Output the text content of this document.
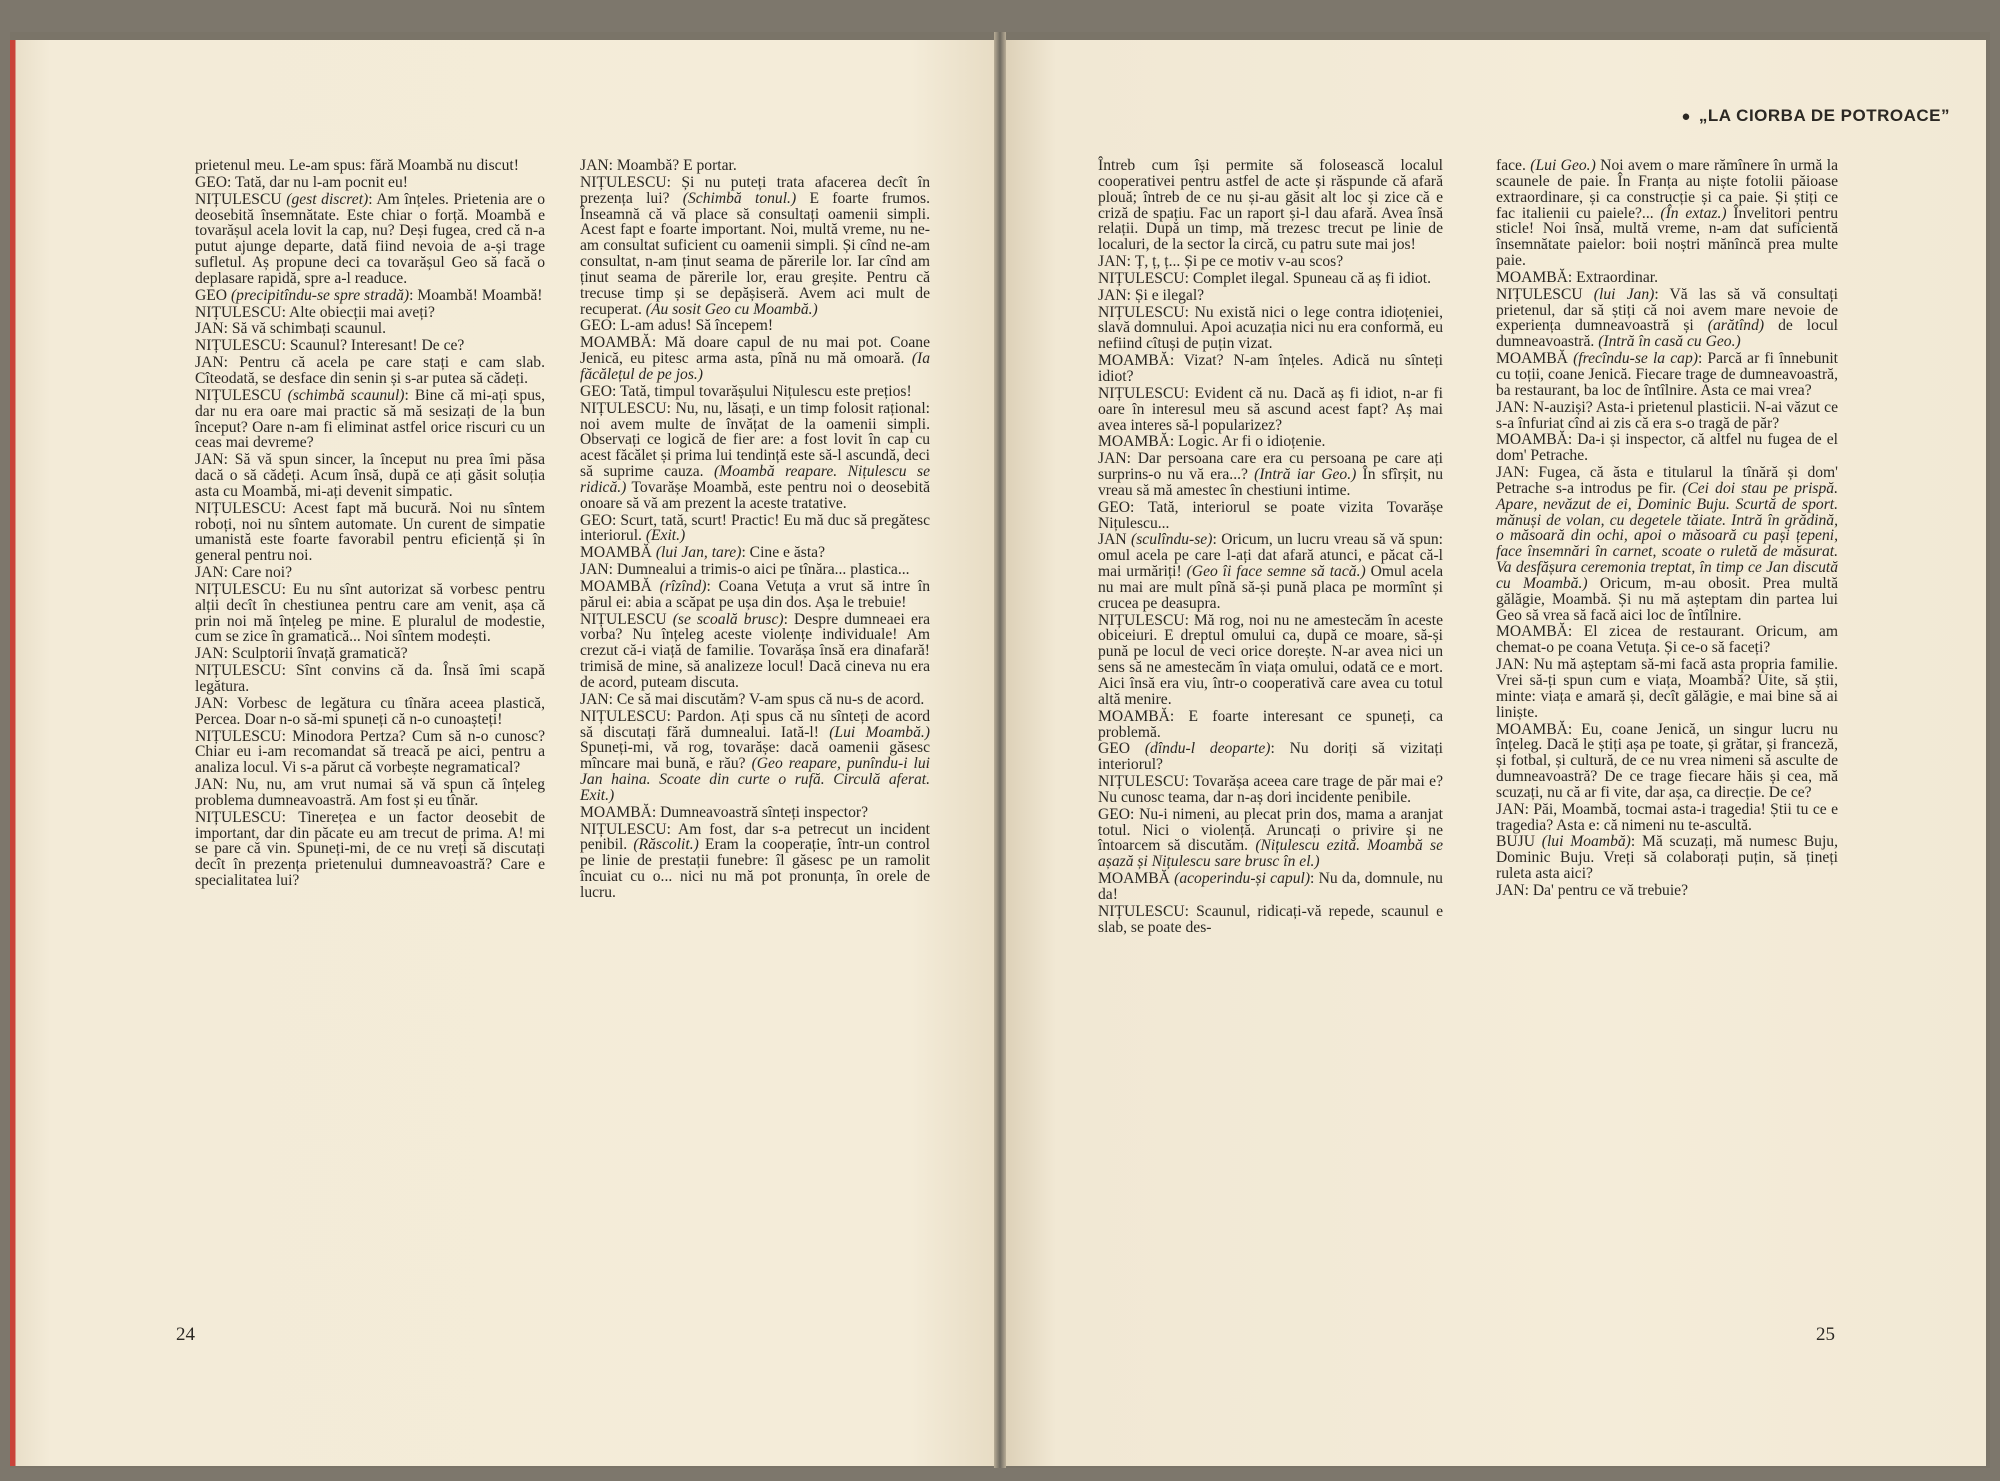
prietenul meu. Le-am spus: fără Moambă nu discut!

GEO: Tată, dar nu l-am pocnit eu!

NIȚULESCU (gest discret): Am înțeles. Prietenia are o deosebită însemnătate. Este chiar o forță. Moambă e tovarășul acela lovit la cap, nu? Deși fugea, cred că n-a putut ajunge departe, dată fiind nevoia de a-și trage sufletul. Aș propune deci ca tovarășul Geo să facă o deplasare rapidă, spre a-l readuce.

GEO (precipitîndu-se spre stradă): Moambă! Moambă!

NIȚULESCU: Alte obiecții mai aveți?

JAN: Să vă schimbați scaunul.

NIȚULESCU: Scaunul? Interesant! De ce?

JAN: Pentru că acela pe care stați e cam slab. Cîteodată, se desface din senin și s-ar putea să cădeți.

NIȚULESCU (schimbă scaunul): Bine că mi-ați spus, dar nu era oare mai practic să mă sesizați de la bun început? Oare n-am fi eliminat astfel orice riscuri cu un ceas mai devreme?

JAN: Să vă spun sincer, la început nu prea îmi păsa dacă o să cădeți. Acum însă, după ce ați găsit soluția asta cu Moambă, mi-ați devenit simpatic.

NIȚULESCU: Acest fapt mă bucură. Noi nu sîntem roboți, noi nu sîntem automate. Un curent de simpatie umanistă este foarte favorabil pentru eficiență și în general pentru noi.

JAN: Care noi?

NIȚULESCU: Eu nu sînt autorizat să vorbesc pentru alții decît în chestiunea pentru care am venit, așa că prin noi mă înțeleg pe mine. E pluralul de modestie, cum se zice în gramatică... Noi sîntem modești.

JAN: Sculptorii învață gramatică?

NIȚULESCU: Sînt convins că da. Însă îmi scapă legătura.

JAN: Vorbesc de legătura cu tînăra aceea plastică, Percea. Doar n-o să-mi spuneți că n-o cunoașteți!

NIȚULESCU: Minodora Pertza? Cum să n-o cunosc? Chiar eu i-am recomandat să treacă pe aici, pentru a analiza locul. Vi s-a părut că vorbește negramatical?

JAN: Nu, nu, am vrut numai să vă spun că înțeleg problema dumneavoastră. Am fost și eu tînăr.

NIȚULESCU: Tinerețea e un factor deosebit de important, dar din păcate eu am trecut de prima. A! mi se pare că vin. Spuneți-mi, de ce nu vreți să discutați decît în prezența prietenului dumneavoastră? Care e specialitatea lui?

JAN: Moambă? E portar.

NIȚULESCU: Și nu puteți trata afacerea decît în prezența lui? (Schimbă tonul.) E foarte frumos. Înseamnă că vă place să consultați oamenii simpli. Acest fapt e foarte important. Noi, multă vreme, nu ne-am consultat suficient cu oamenii simpli. Și cînd ne-am consultat, n-am ținut seama de părerile lor. Iar cînd am ținut seama de părerile lor, erau greșite. Pentru că trecuse timp și se depășiseră. Avem aci mult de recuperat. (Au sosit Geo cu Moambă.)

GEO: L-am adus! Să începem!

MOAMBĂ: Mă doare capul de nu mai pot. Coane Jenică, eu pitesc arma asta, pînă nu mă omoară. (Ia făcălețul de pe jos.)

GEO: Tată, timpul tovarășului Nițulescu este prețios!

NIȚULESCU: Nu, nu, lăsați, e un timp folosit rațional: noi avem multe de învățat de la oamenii simpli. Observați ce logică de fier are: a fost lovit în cap cu acest făcălet și prima lui tendință este să-l ascundă, deci să suprime cauza. (Moambă reapare. Nițulescu se ridică.) Tovarășe Moambă, este pentru noi o deosebită onoare să vă am prezent la aceste tratative.

GEO: Scurt, tată, scurt! Practic! Eu mă duc să pregătesc interiorul. (Exit.)

MOAMBĂ (lui Jan, tare): Cine e ăsta?

JAN: Dumnealui a trimis-o aici pe tînăra... plastica...

MOAMBĂ (rîzînd): Coana Vetuța a vrut să intre în părul ei: abia a scăpat pe ușa din dos. Așa le trebuie!

NIȚULESCU (se scoală brusc): Despre dumneaei era vorba? Nu înțeleg aceste violențe individuale! Am crezut că-i viață de familie. Tovarășa însă era dinafară! trimisă de mine, să analizeze locul! Dacă cineva nu era de acord, puteam discuta.

JAN: Ce să mai discutăm? V-am spus că nu-s de acord.

NIȚULESCU: Pardon. Ați spus că nu sînteți de acord să discutați fără dumnealui. Iată-l! (Lui Moambă.) Spuneți-mi, vă rog, tovarășe: dacă oamenii găsesc mîncare mai bună, e rău? (Geo reapare, punîndu-i lui Jan haina. Scoate din curte o rufă. Circulă aferat. Exit.)

MOAMBĂ: Dumneavoastră sînteți inspector?

NIȚULESCU: Am fost, dar s-a petrecut un incident penibil. (Răscolit.) Eram la cooperație, într-un control pe linie de prestații funebre: îl găsesc pe un ramolit încuiat cu o... nici nu mă pot pronunța, în orele de lucru.

24
● „LA CIORBA DE POTROACE”

Întreb cum își permite să folosească localul cooperativei pentru astfel de acte și răspunde că afară plouă; întreb de ce nu și-au găsit alt loc și zice că e criză de spațiu. Fac un raport și-l dau afară. Avea însă relații. După un timp, mă trezesc trecut pe linie de localuri, de la sector la circă, cu patru sute mai jos!

JAN: Ț, ț, ț... Și pe ce motiv v-au scos?

NIȚULESCU: Complet ilegal. Spuneau că aș fi idiot.

JAN: Și e ilegal?

NIȚULESCU: Nu există nici o lege contra idioțeniei, slavă domnului. Apoi acuzația nici nu era conformă, eu nefiind cîtuși de puțin vizat.

MOAMBĂ: Vizat? N-am înțeles. Adică nu sînteți idiot?

NIȚULESCU: Evident că nu. Dacă aș fi idiot, n-ar fi oare în interesul meu să ascund acest fapt? Aș mai avea interes să-l popularizez?

MOAMBĂ: Logic. Ar fi o idioțenie.

JAN: Dar persoana care era cu persoana pe care ați surprins-o nu vă era...? (Intră iar Geo.) În sfîrșit, nu vreau să mă amestec în chestiuni intime.

GEO: Tată, interiorul se poate vizita Tovarășe Nițulescu...

JAN (sculîndu-se): Oricum, un lucru vreau să vă spun: omul acela pe care l-ați dat afară atunci, e păcat că-l mai urmăriți! (Geo îi face semne să tacă.) Omul acela nu mai are mult pînă să-și pună placa pe mormînt și crucea pe deasupra.

NIȚULESCU: Mă rog, noi nu ne amestecăm în aceste obiceiuri. E dreptul omului ca, după ce moare, să-și pună pe locul de veci orice dorește. N-ar avea nici un sens să ne amestecăm în viața omului, odată ce e mort. Aici însă era viu, într-o cooperativă care avea cu totul altă menire.

MOAMBĂ: E foarte interesant ce spuneți, ca problemă.

GEO (dîndu-l deoparte): Nu doriți să vizitați interiorul?

NIȚULESCU: Tovarășa aceea care trage de păr mai e? Nu cunosc teama, dar n-aș dori incidente penibile.

GEO: Nu-i nimeni, au plecat prin dos, mama a aranjat totul. Nici o violență. Aruncați o privire și ne întoarcem să discutăm. (Nițulescu ezită. Moambă se așază și Nițulescu sare brusc în el.)

MOAMBĂ (acoperindu-și capul): Nu da, domnule, nu da!

NIȚULESCU: Scaunul, ridicați-vă repede, scaunul e slab, se poate des-

face. (Lui Geo.) Noi avem o mare rămînere în urmă la scaunele de paie. În Franța au niște fotolii păioase extraordinare, și ca construcție și ca paie. Și știți ce fac italienii cu paiele?... (În extaz.) Învelitori pentru sticle! Noi însă, multă vreme, n-am dat suficientă însemnătate paielor: boii noștri mănîncă prea multe paie.

MOAMBĂ: Extraordinar.

NIȚULESCU (lui Jan): Vă las să vă consultați prietenul, dar să știți că noi avem mare nevoie de experiența dumneavoastră și (arătînd) de locul dumneavoastră. (Intră în casă cu Geo.)

MOAMBĂ (frecîndu-se la cap): Parcă ar fi înnebunit cu toții, coane Jenică. Fiecare trage de dumneavoastră, ba restaurant, ba loc de întîlnire. Asta ce mai vrea?

JAN: N-auziși? Asta-i prietenul plasticii. N-ai văzut ce s-a înfuriat cînd ai zis că era s-o tragă de păr?

MOAMBĂ: Da-i și inspector, că altfel nu fugea de el dom' Petrache.

JAN: Fugea, că ăsta e titularul la tînără și dom' Petrache s-a introdus pe fir. (Cei doi stau pe prispă. Apare, nevăzut de ei, Dominic Buju. Scurtă de sport. mănuși de volan, cu degetele tăiate. Intră în grădină, o măsoară din ochi, apoi o măsoară cu pași țepeni, face însemnări în carnet, scoate o ruletă de măsurat. Va desfășura ceremonia treptat, în timp ce Jan discută cu Moambă.) Oricum, m-au obosit. Prea multă gălăgie, Moambă. Și nu mă așteptam din partea lui Geo să vrea să facă aici loc de întîlnire.

MOAMBĂ: El zicea de restaurant. Oricum, am chemat-o pe coana Vetuța. Și ce-o să faceți?

JAN: Nu mă așteptam să-mi facă asta propria familie. Vrei să-ți spun cum e viața, Moambă? Uite, să știi, minte: viața e amară și, decît gălăgie, e mai bine să ai liniște.

MOAMBĂ: Eu, coane Jenică, un singur lucru nu înțeleg. Dacă le știți așa pe toate, și grătar, și franceză, și fotbal, și cultură, de ce nu vrea nimeni să asculte de dumneavoastră? De ce trage fiecare hăis și cea, mă scuzați, nu că ar fi vite, dar așa, ca direcție. De ce?

JAN: Păi, Moambă, tocmai asta-i tragedia! Știi tu ce e tragedia? Asta e: că nimeni nu te-ascultă.

BUJU (lui Moambă): Mă scuzați, mă numesc Buju, Dominic Buju. Vreți să colaborați puțin, să țineți ruleta asta aici?

JAN: Da' pentru ce vă trebuie?

25
